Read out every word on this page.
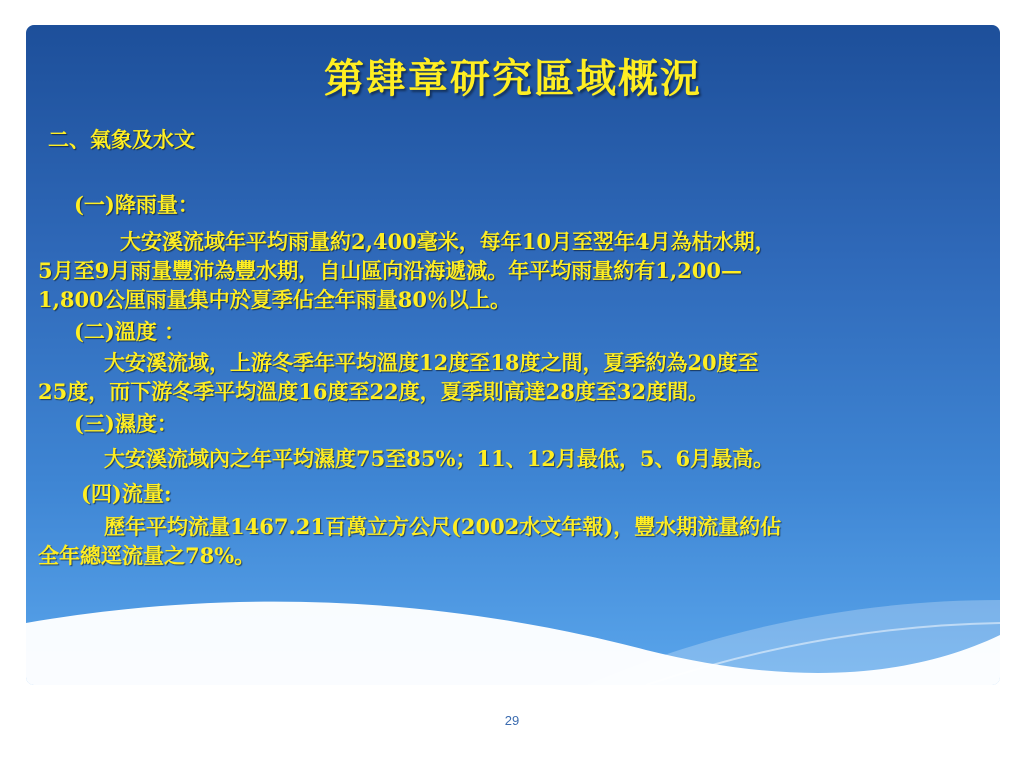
第肆章研究區域概況
二、氣象及水文
(一)降雨量：
大安溪流域年平均雨量約2,400毫米，每年10月至翌年4月為枯水期，
5月至9月雨量豐沛為豐水期，自山區向沿海遞減。年平均雨量約有1,200—
1,800公厘雨量集中於夏季佔全年雨量80％以上。
(二)溫度 ：
大安溪流域，上游冬季年平均溫度12度至18度之間，夏季約為20度至
25度，而下游冬季平均溫度16度至22度，夏季則高達28度至32度間。
(三)濕度：
大安溪流域內之年平均濕度75至85%；11、12月最低，5、6月最高。
(四)流量:
歷年平均流量1467.21百萬立方公尺(2002水文年報)，豐水期流量約佔
全年總逕流量之78%。
29
